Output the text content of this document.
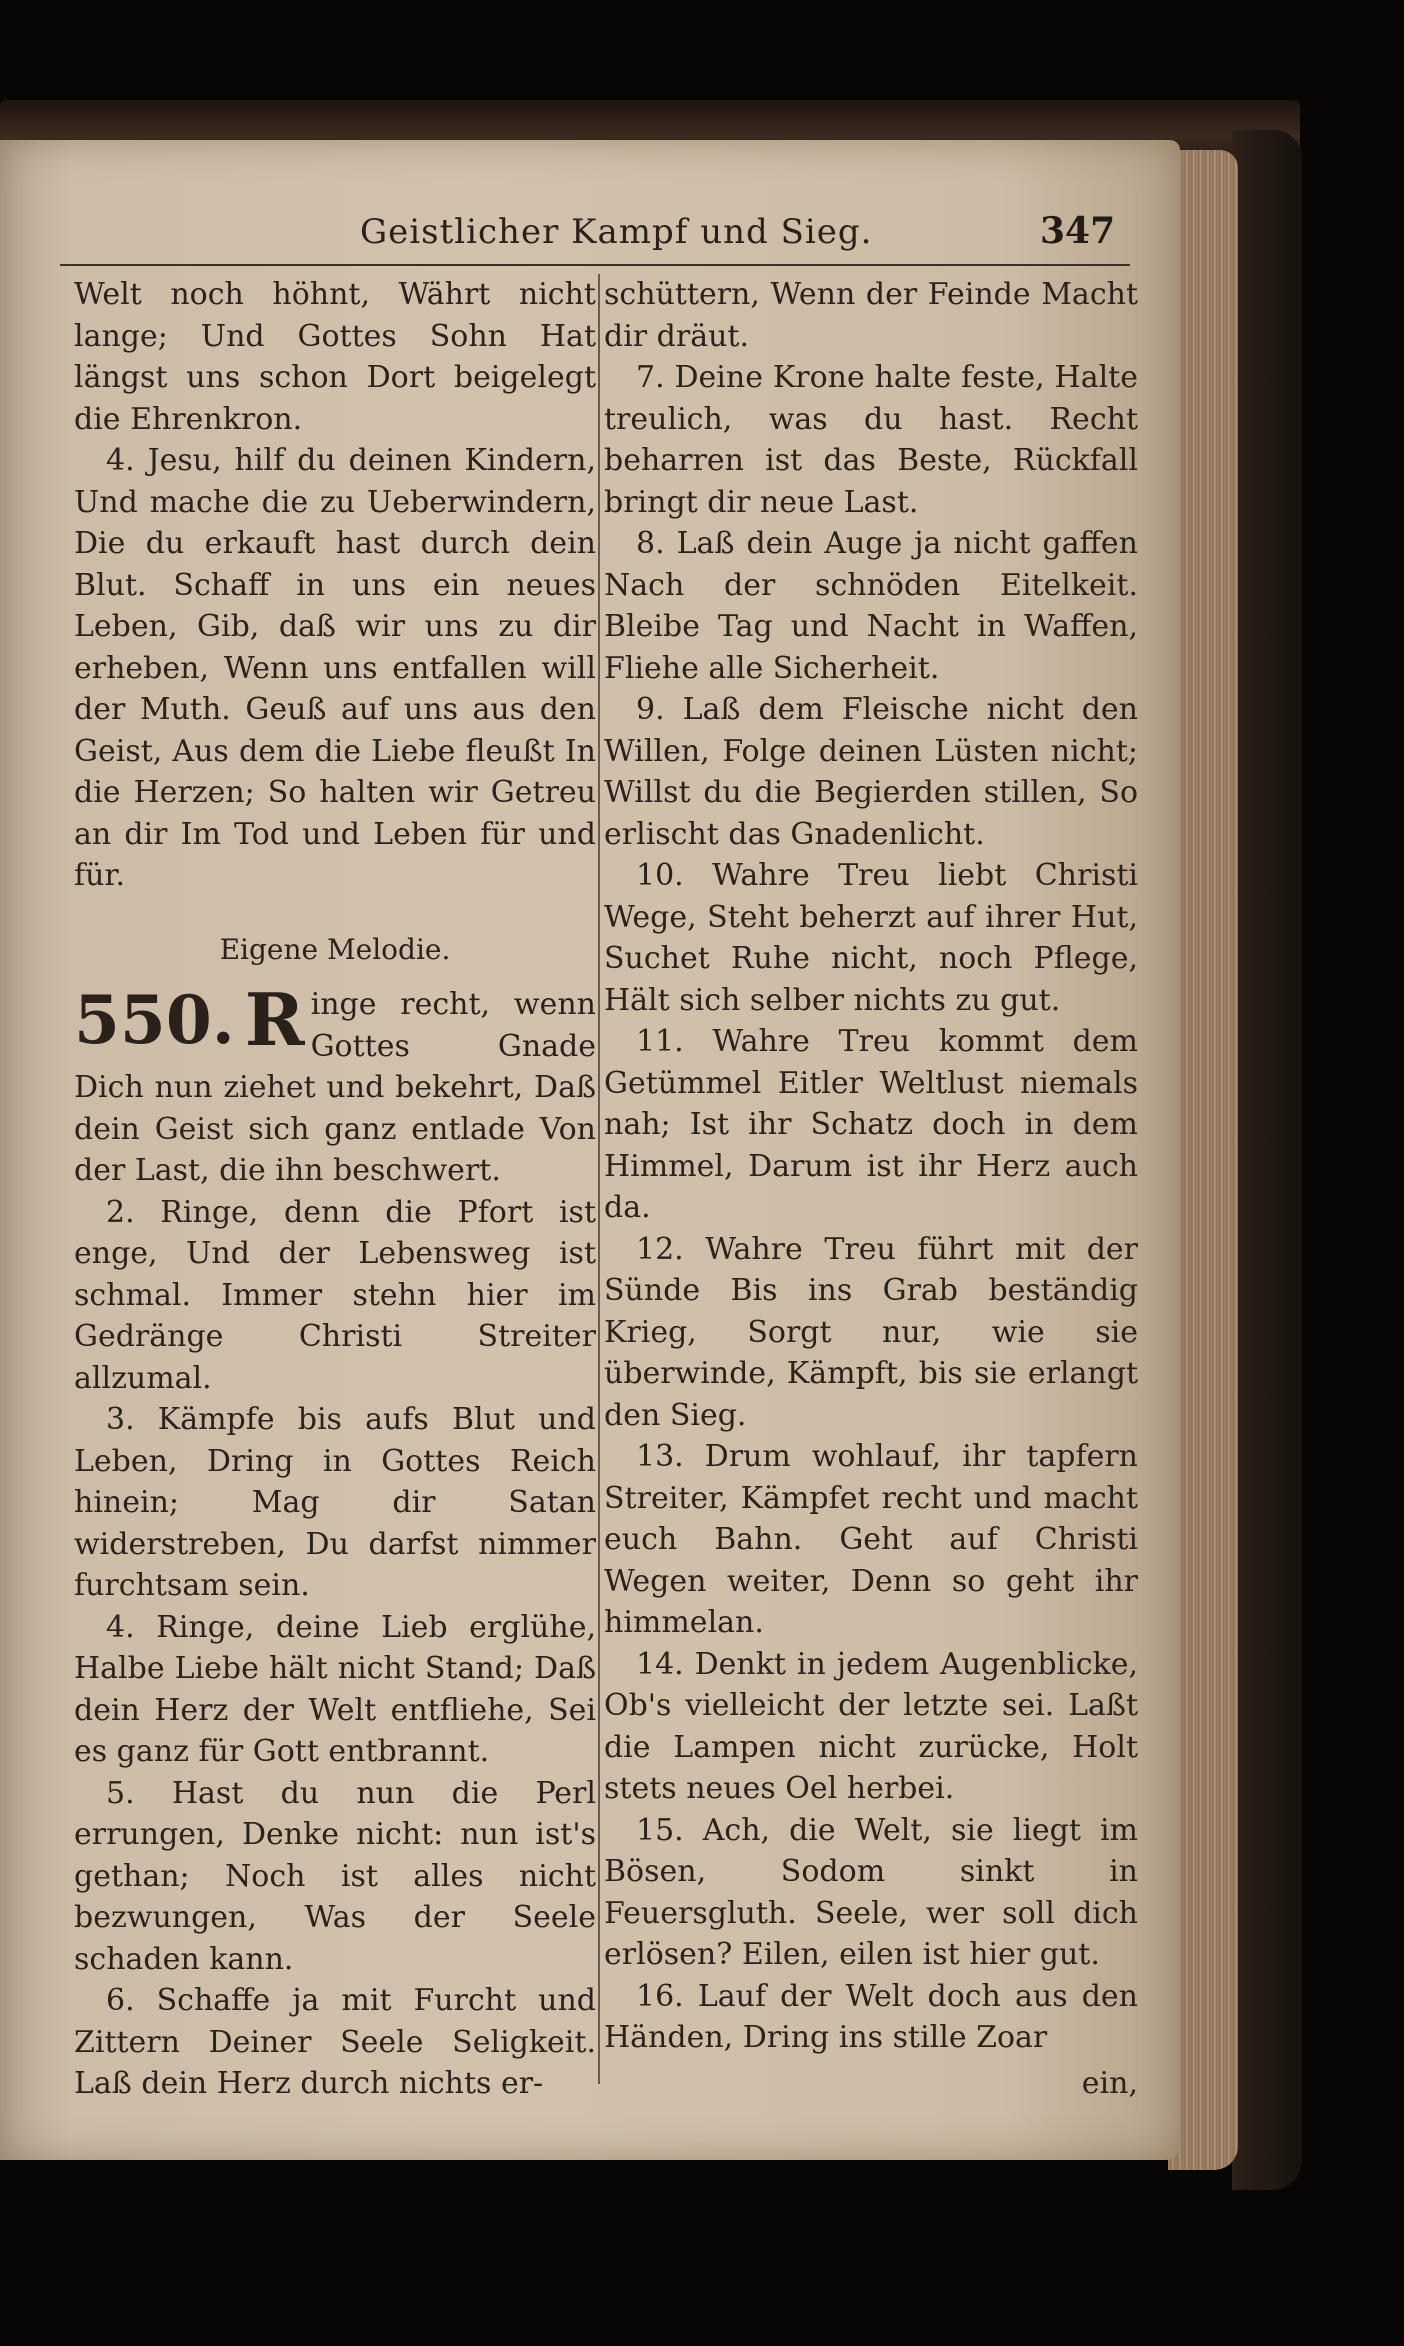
Geistlicher Kampf und Sieg.	347

Welt noch höhnt, Währt nicht lange; Und Gottes Sohn Hat längst uns schon Dort beigelegt die Ehrenkron.

4. Jesu, hilf du deinen Kindern, Und mache die zu Ueberwindern, Die du erkauft hast durch dein Blut. Schaff in uns ein neues Leben, Gib, daß wir uns zu dir erheben, Wenn uns entfallen will der Muth. Geuß auf uns aus den Geist, Aus dem die Liebe fleußt In die Herzen; So halten wir Getreu an dir Im Tod und Leben für und für.

Eigene Melodie.

550. R inge recht, wenn Gottes Gnade Dich nun ziehet und bekehrt, Daß dein Geist sich ganz entlade Von der Last, die ihn beschwert.

2. Ringe, denn die Pfort ist enge, Und der Lebensweg ist schmal. Immer stehn hier im Gedränge Christi Streiter allzumal.

3. Kämpfe bis aufs Blut und Leben, Dring in Gottes Reich hinein; Mag dir Satan widerstreben, Du darfst nimmer furchtsam sein.

4. Ringe, deine Lieb erglühe, Halbe Liebe hält nicht Stand; Daß dein Herz der Welt entfliehe, Sei es ganz für Gott entbrannt.

5. Hast du nun die Perl errungen, Denke nicht: nun ist's gethan; Noch ist alles nicht bezwungen, Was der Seele schaden kann.

6. Schaffe ja mit Furcht und Zittern Deiner Seele Seligkeit. Laß dein Herz durch nichts er-

schüttern, Wenn der Feinde Macht dir dräut.

7. Deine Krone halte feste, Halte treulich, was du hast. Recht beharren ist das Beste, Rückfall bringt dir neue Last.

8. Laß dein Auge ja nicht gaffen Nach der schnöden Eitelkeit. Bleibe Tag und Nacht in Waffen, Fliehe alle Sicherheit.

9. Laß dem Fleische nicht den Willen, Folge deinen Lüsten nicht; Willst du die Begierden stillen, So erlischt das Gnadenlicht.

10. Wahre Treu liebt Christi Wege, Steht beherzt auf ihrer Hut, Suchet Ruhe nicht, noch Pflege, Hält sich selber nichts zu gut.

11. Wahre Treu kommt dem Getümmel Eitler Weltlust niemals nah; Ist ihr Schatz doch in dem Himmel, Darum ist ihr Herz auch da.

12. Wahre Treu führt mit der Sünde Bis ins Grab beständig Krieg, Sorgt nur, wie sie überwinde, Kämpft, bis sie erlangt den Sieg.

13. Drum wohlauf, ihr tapfern Streiter, Kämpfet recht und macht euch Bahn. Geht auf Christi Wegen weiter, Denn so geht ihr himmelan.

14. Denkt in jedem Augenblicke, Ob's vielleicht der letzte sei. Laßt die Lampen nicht zurücke, Holt stets neues Oel herbei.

15. Ach, die Welt, sie liegt im Bösen, Sodom sinkt in Feuersgluth. Seele, wer soll dich erlösen? Eilen, eilen ist hier gut.

16. Lauf der Welt doch aus den Händen, Dring ins stille Zoar

ein,
